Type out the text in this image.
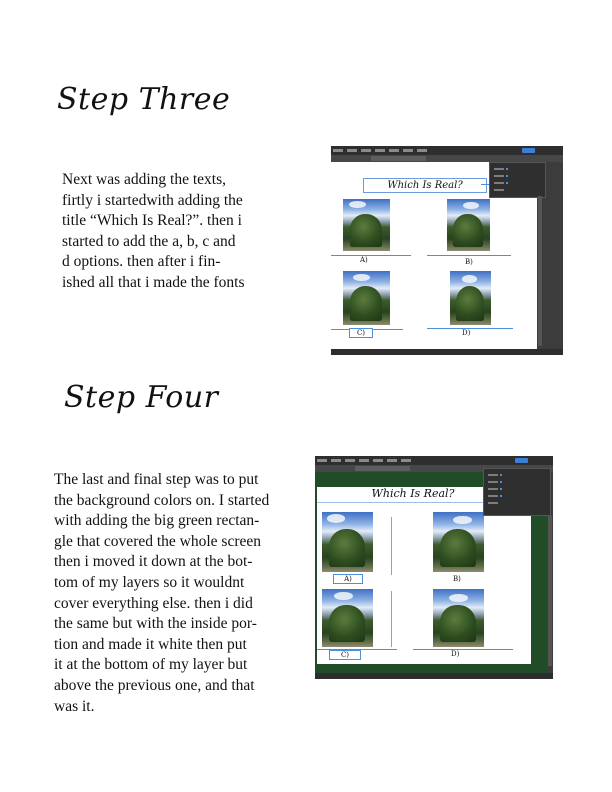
Step Three
Next was adding the texts,
firtly i startedwith adding the
title “Which Is Real?”. then i
started to add the a, b, c and
d options. then after i fin-
ished all that i made the fonts
Which Is Real?
A)	B)
C)	D)
Step Four
The last and final step was to put
the background colors on. I started
with adding the big green rectan-
gle that covered the whole screen
then i moved it down at the bot-
tom of my layers so it wouldnt
cover everything else. then i did
the same but with the inside por-
tion and made it white then put
it at the bottom of my layer but
above the previous one, and that
was it.
Which Is Real?
A)	B)
C)	D)
